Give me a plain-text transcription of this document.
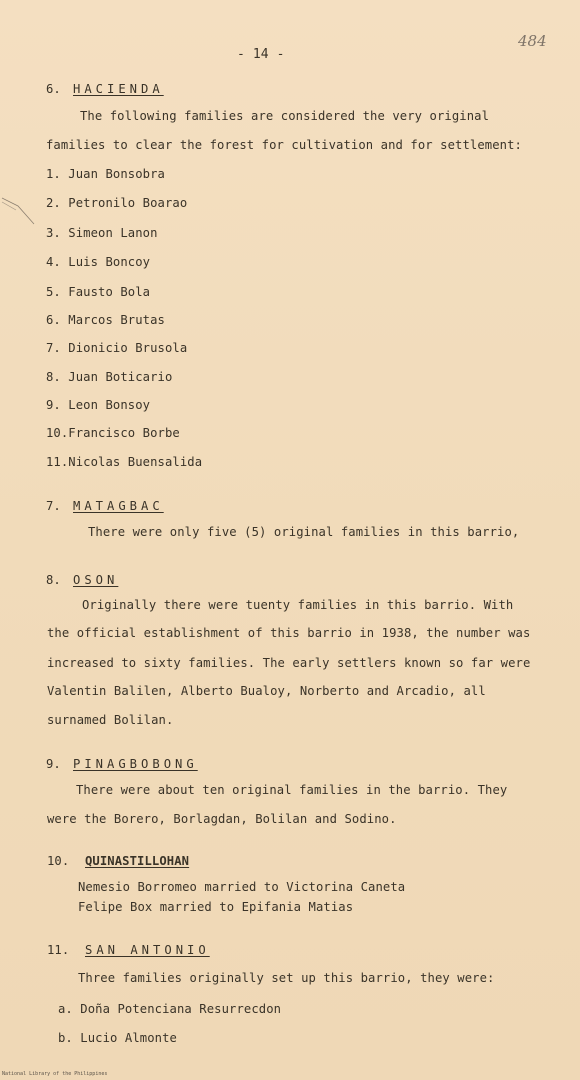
- 14 -
484
6. HACIENDA
The following families are considered the very original
families to clear the forest for cultivation and for settlement:
1. Juan Bonsobra
2. Petronilo Boarao
3. Simeon Lanon
4. Luis Boncoy
5. Fausto Bola
6. Marcos Brutas
7. Dionicio Brusola
8. Juan Boticario
9. Leon Bonsoy
10.Francisco Borbe
11.Nicolas Buensalida
7. MATAGBAC
There were only five (5) original families in this barrio,
8. OSON
Originally there were tuenty families in this barrio. With
the official establishment of this barrio in 1938, the number was
increased to sixty families. The early settlers known so far were
Valentin Balilen, Alberto Bualoy, Norberto and Arcadio, all
surnamed Bolilan.
9. PINAGBOBONG
There were about ten original families in the barrio. They
were the Borero, Borlagdan, Bolilan and Sodino.
10. QUINASTILLOHAN
Nemesio Borromeo married to Victorina Caneta
Felipe Box married to Epifania Matias
11. SAN ANTONIO
Three families originally set up this barrio, they were:
a. Doña Potenciana Resurrecdon
b. Lucio Almonte
National Library of the Philippines
